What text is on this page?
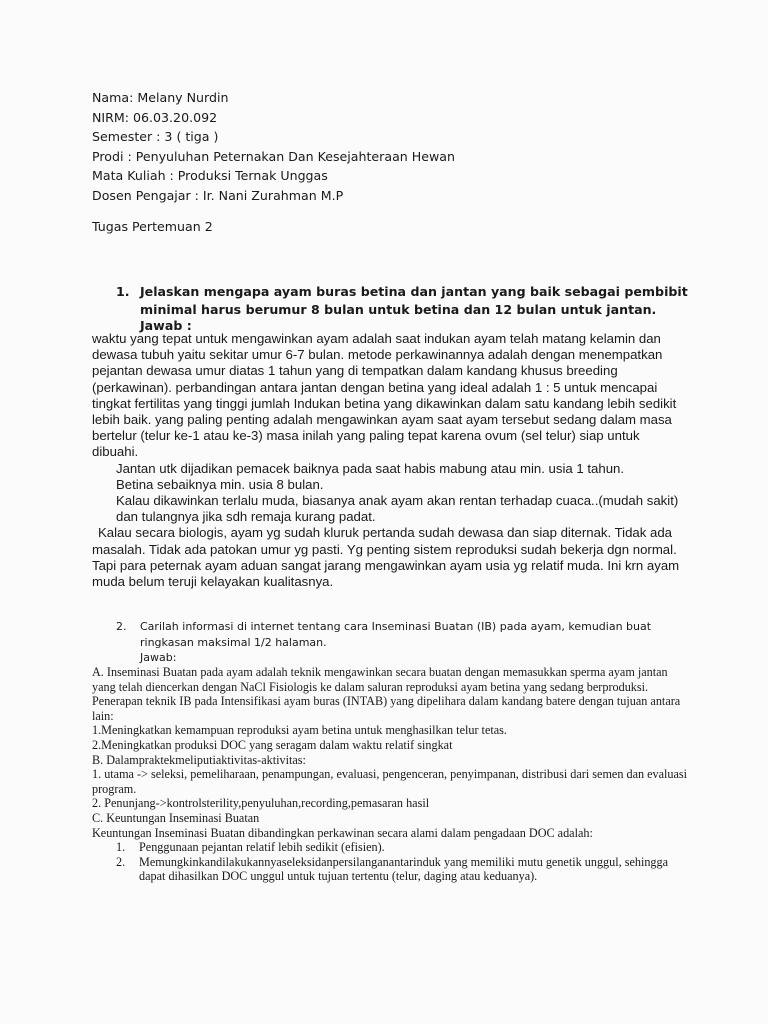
Nama: Melany Nurdin
NIRM: 06.03.20.092
Semester : 3 ( tiga )
Prodi : Penyuluhan Peternakan Dan Kesejahteraan Hewan
Mata Kuliah : Produksi Ternak Unggas
Dosen Pengajar : Ir. Nani Zurahman M.P
Tugas Pertemuan 2
1. Jelaskan mengapa ayam buras betina dan jantan yang baik sebagai pembibit minimal harus berumur 8 bulan untuk betina dan 12 bulan untuk jantan.
Jawab :

waktu yang tepat untuk mengawinkan ayam adalah saat indukan ayam telah matang kelamin dan dewasa tubuh yaitu sekitar umur 6-7 bulan. metode perkawinannya adalah dengan menempatkan pejantan dewasa umur diatas 1 tahun yang di tempatkan dalam kandang khusus breeding (perkawinan). perbandingan antara jantan dengan betina yang ideal adalah 1 : 5 untuk mencapai tingkat fertilitas yang tinggi jumlah Indukan betina yang dikawinkan dalam satu kandang lebih sedikit lebih baik. yang paling penting adalah mengawinkan ayam saat ayam tersebut sedang dalam masa bertelur (telur ke-1 atau ke-3) masa inilah yang paling tepat karena ovum (sel telur) siap untuk dibuahi.

Jantan utk dijadikan pemacek baiknya pada saat habis mabung atau min. usia 1 tahun.

Betina sebaiknya min. usia 8 bulan.

Kalau dikawinkan terlalu muda, biasanya anak ayam akan rentan terhadap cuaca..(mudah sakit) dan tulangnya jika sdh remaja kurang padat.

Kalau secara biologis, ayam yg sudah kluruk pertanda sudah dewasa dan siap diternak. Tidak ada masalah. Tidak ada patokan umur yg pasti. Yg penting sistem reproduksi sudah bekerja dgn normal.

Tapi para peternak ayam aduan sangat jarang mengawinkan ayam usia yg relatif muda. Ini krn ayam muda belum teruji kelayakan kualitasnya.

2. Carilah informasi di internet tentang cara Inseminasi Buatan (IB) pada ayam, kemudian buat ringkasan maksimal 1/2 halaman.
Jawab:

A. Inseminasi Buatan pada ayam adalah teknik mengawinkan secara buatan dengan memasukkan sperma ayam jantan yang telah diencerkan dengan NaCl Fisiologis ke dalam saluran reproduksi ayam betina yang sedang berproduksi.

Penerapan teknik IB pada Intensifikasi ayam buras (INTAB) yang dipelihara dalam kandang batere dengan tujuan antara lain:

1.Meningkatkan kemampuan reproduksi ayam betina untuk menghasilkan telur tetas.

2.Meningkatkan produksi DOC yang seragam dalam waktu relatif singkat

B. Dalampraktekmeliputiaktivitas-aktivitas:

1. utama -> seleksi, pemeliharaan, penampungan, evaluasi, pengenceran, penyimpanan, distribusi dari semen dan evaluasi program.

2. Penunjang->kontrolsterility,penyuluhan,recording,pemasaran hasil

C. Keuntungan Inseminasi Buatan

Keuntungan Inseminasi Buatan dibandingkan perkawinan secara alami dalam pengadaan DOC adalah:

1. Penggunaan pejantan relatif lebih sedikit (efisien).

2. Memungkinkandilakukannyaseleksidanpersilanganantarinduk yang memiliki mutu genetik unggul, sehingga dapat dihasilkan DOC unggul untuk tujuan tertentu (telur, daging atau keduanya).
